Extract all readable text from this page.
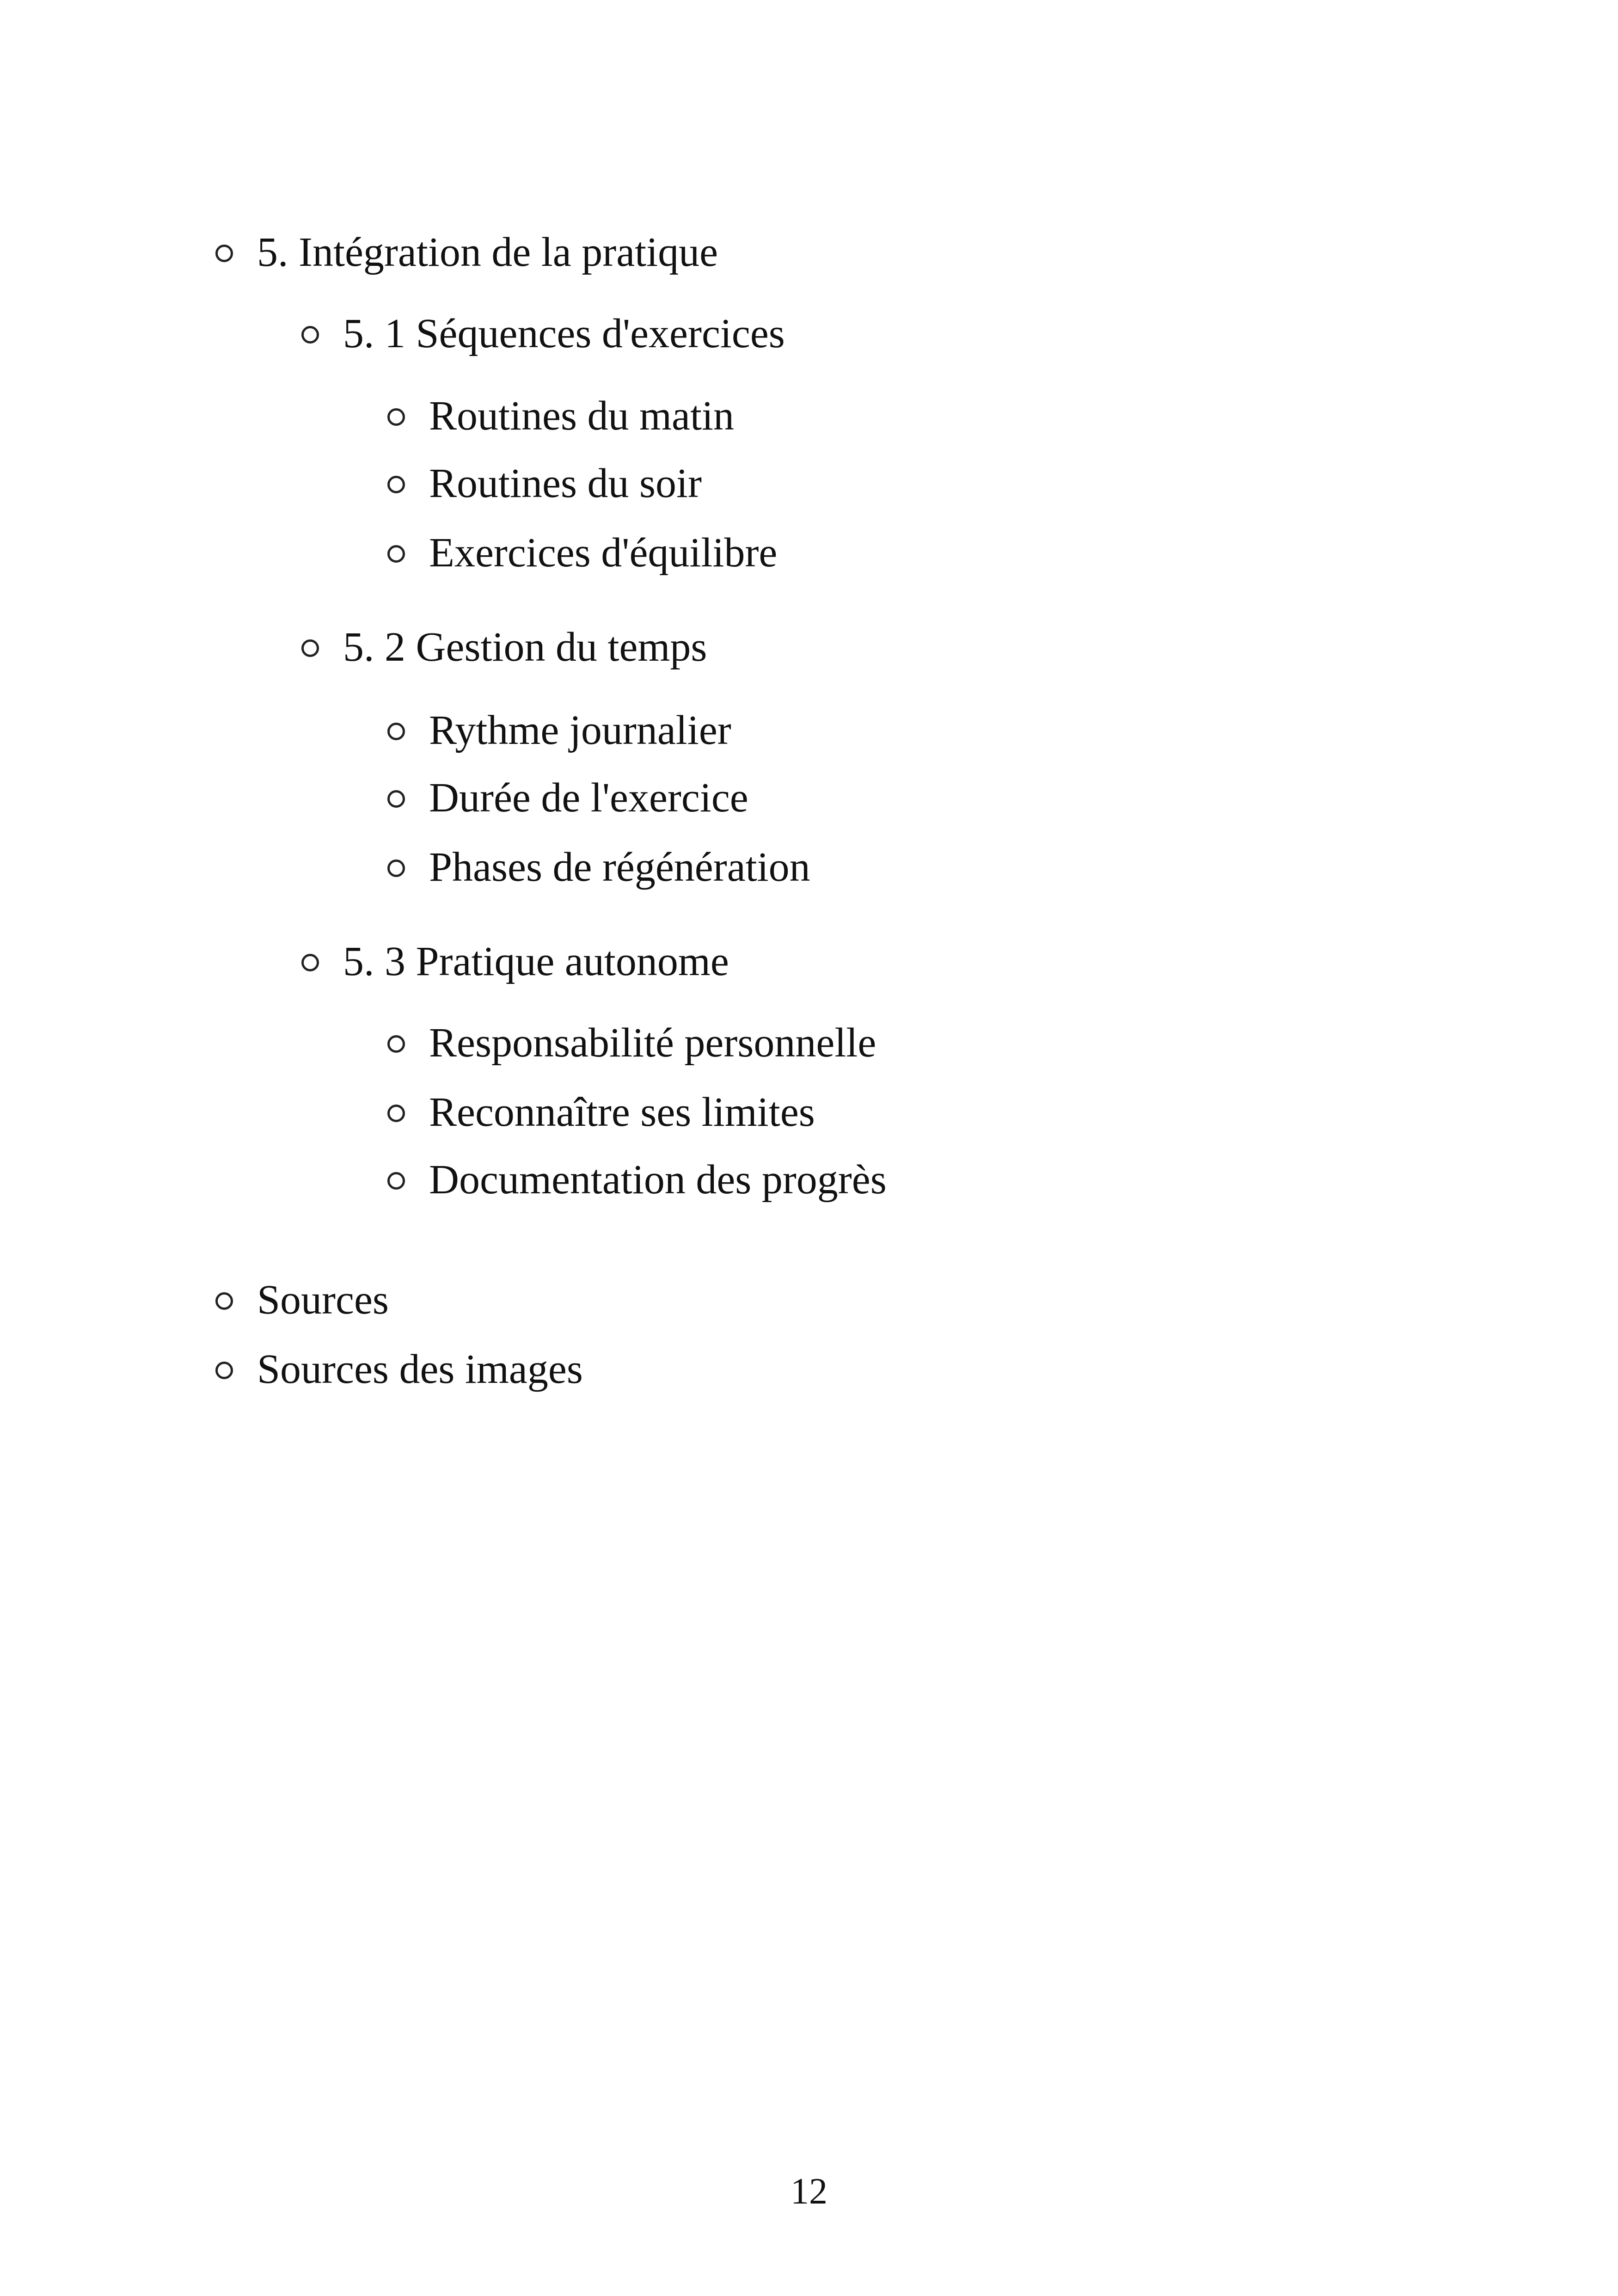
5. Intégration de la pratique
5. 1 Séquences d'exercices
Routines du matin
Routines du soir
Exercices d'équilibre
5. 2 Gestion du temps
Rythme journalier
Durée de l'exercice
Phases de régénération
5. 3 Pratique autonome
Responsabilité personnelle
Reconnaître ses limites
Documentation des progrès
Sources
Sources des images
12
